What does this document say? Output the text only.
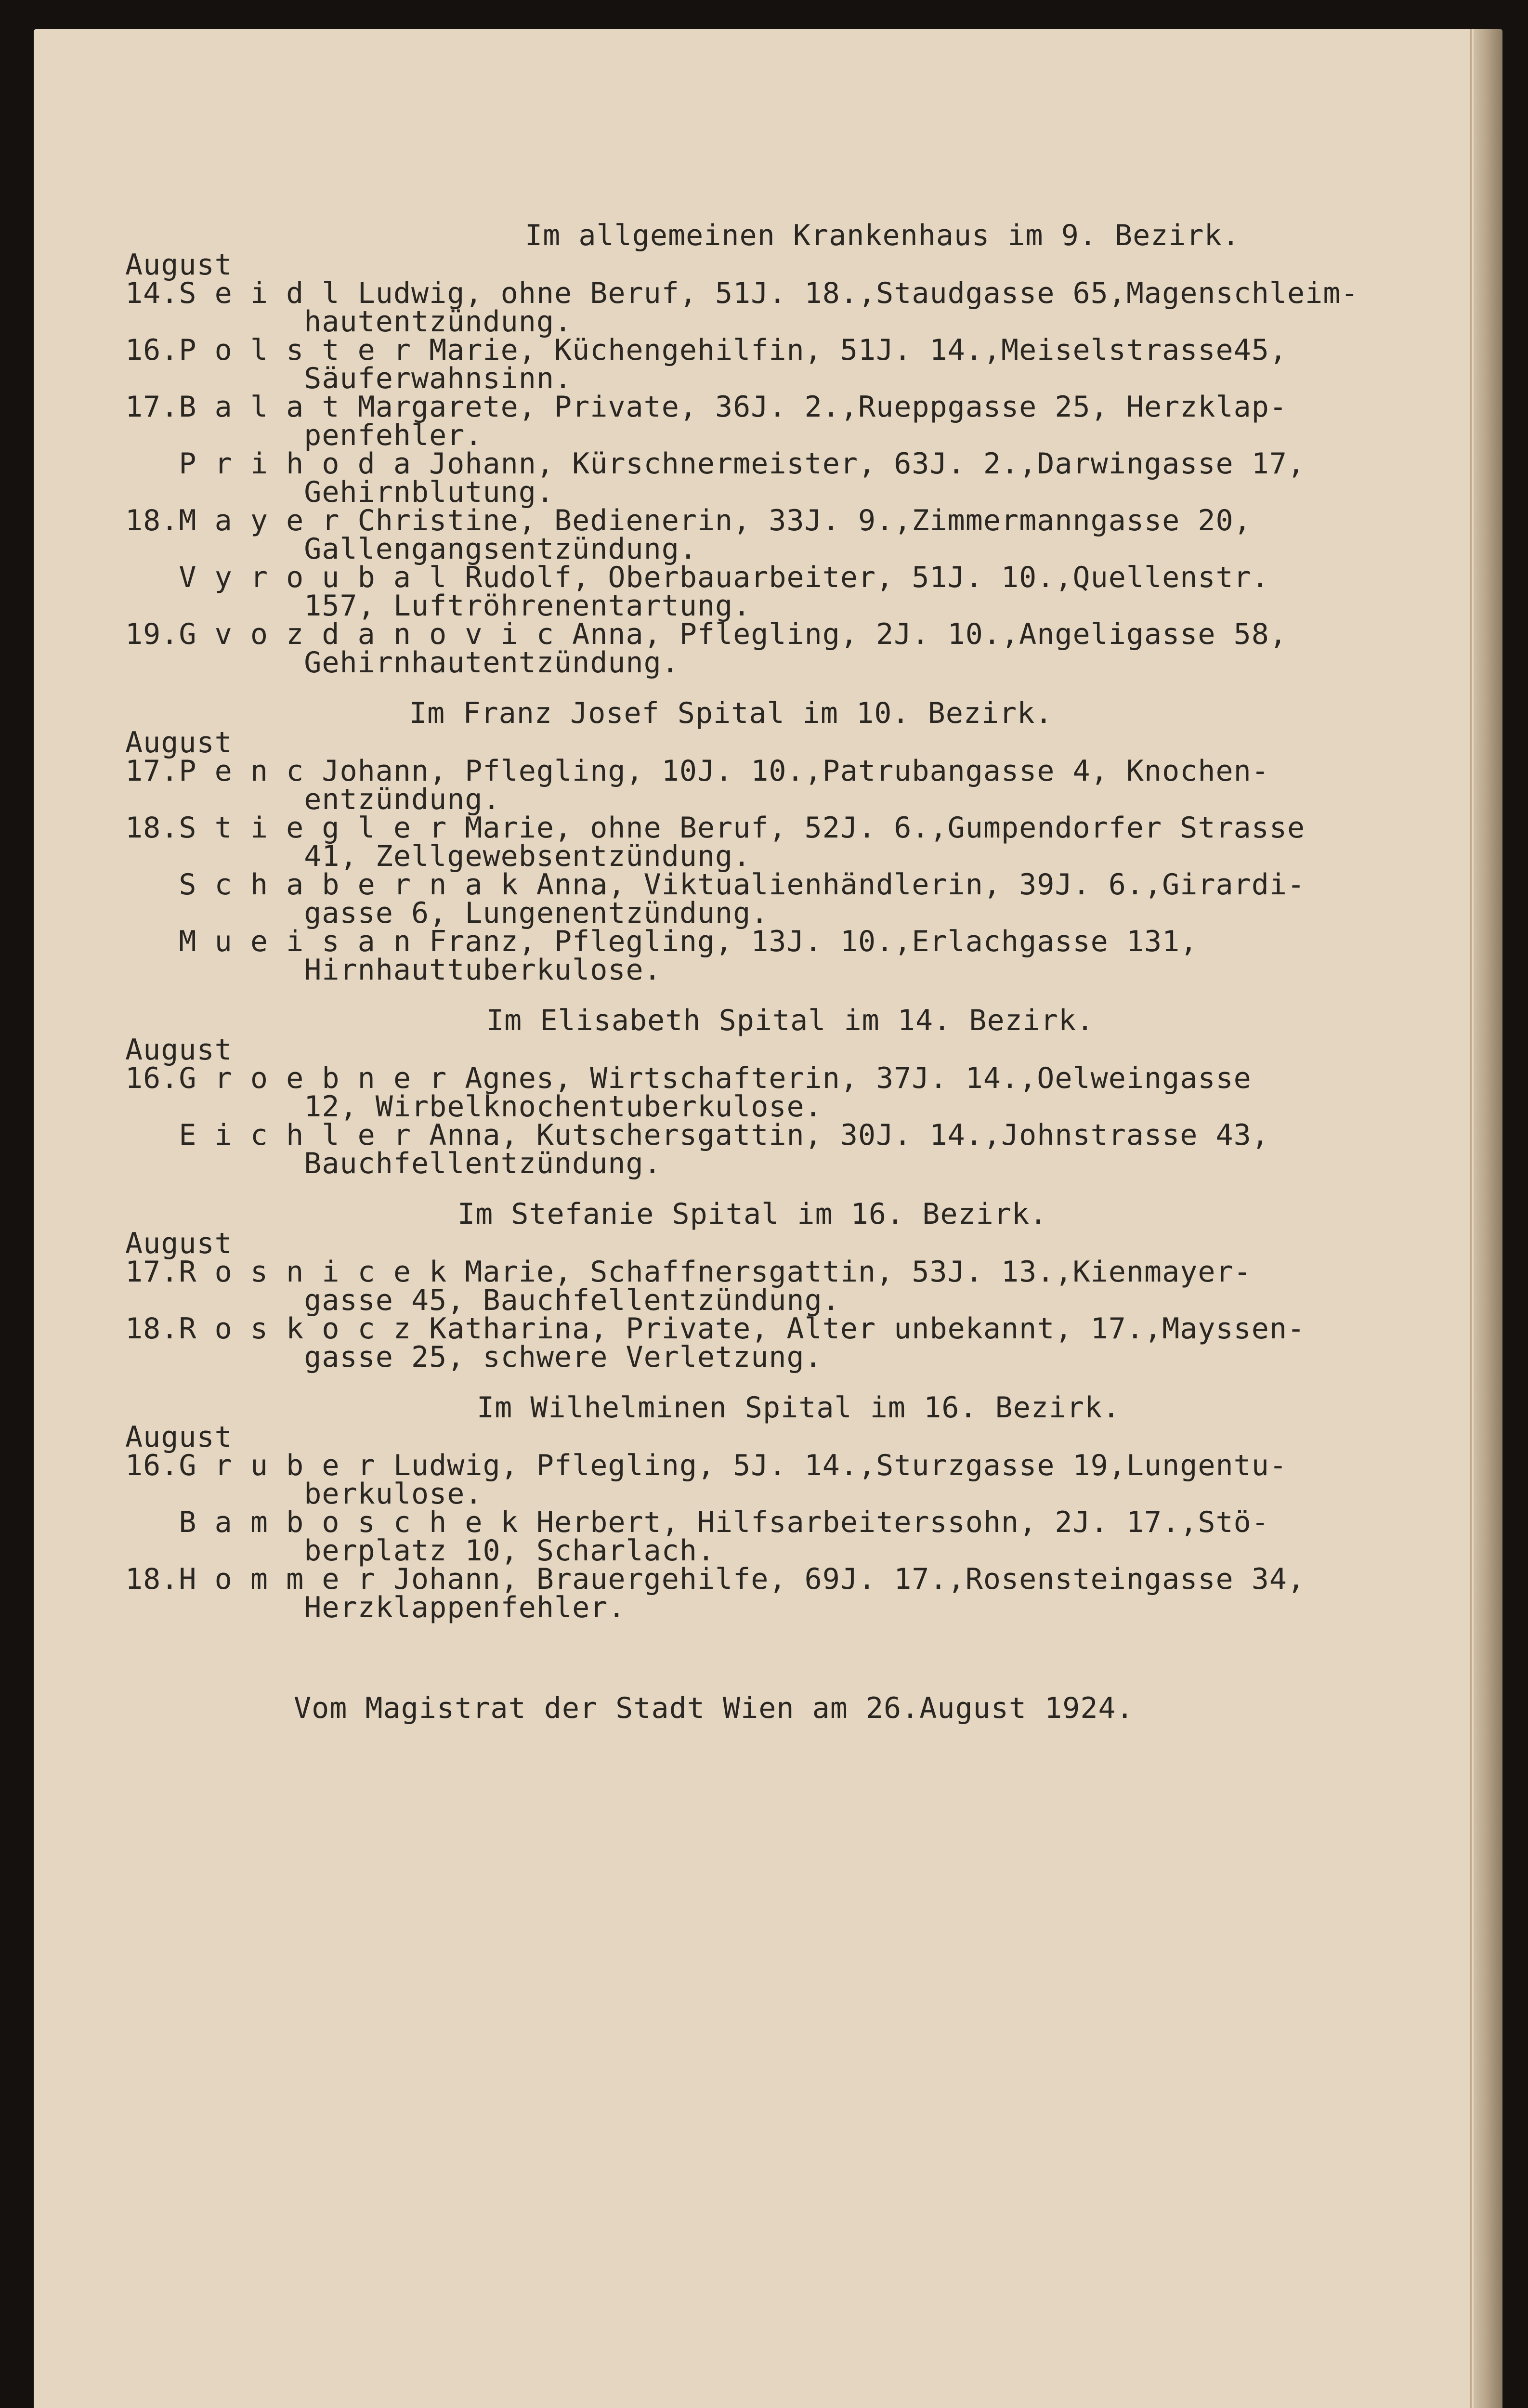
Im allgemeinen Krankenhaus im 9. Bezirk.
August
14.S e i d l Ludwig, ohne Beruf, 51J. 18.,Staudgasse 65,Magenschleim-
hautentzündung.
16.P o l s t e r Marie, Küchengehilfin, 51J. 14.,Meiselstrasse45,
Säuferwahnsinn.
17.B a l a t Margarete, Private, 36J. 2.,Rueppgasse 25, Herzklap-
penfehler.
P r i h o d a Johann, Kürschnermeister, 63J. 2.,Darwingasse 17,
Gehirnblutung.
18.M a y e r Christine, Bedienerin, 33J. 9.,Zimmermanngasse 20,
Gallengangsentzündung.
V y r o u b a l Rudolf, Oberbauarbeiter, 51J. 10.,Quellenstr.
157, Luftröhrenentartung.
19.G v o z d a n o v i c Anna, Pflegling, 2J. 10.,Angeligasse 58,
Gehirnhautentzündung.
Im Franz Josef Spital im 10. Bezirk.
August
17.P e n c Johann, Pflegling, 10J. 10.,Patrubangasse 4, Knochen-
entzündung.
18.S t i e g l e r Marie, ohne Beruf, 52J. 6.,Gumpendorfer Strasse
41, Zellgewebsentzündung.
S c h a b e r n a k Anna, Viktualienhändlerin, 39J. 6.,Girardi-
gasse 6, Lungenentzündung.
M u e i s a n Franz, Pflegling, 13J. 10.,Erlachgasse 131,
Hirnhauttuberkulose.
Im Elisabeth Spital im 14. Bezirk.
August
16.G r o e b n e r Agnes, Wirtschafterin, 37J. 14.,Oelweingasse
12, Wirbelknochentuberkulose.
E i c h l e r Anna, Kutschersgattin, 30J. 14.,Johnstrasse 43,
Bauchfellentzündung.
Im Stefanie Spital im 16. Bezirk.
August
17.R o s n i c e k Marie, Schaffnersgattin, 53J. 13.,Kienmayer-
gasse 45, Bauchfellentzündung.
18.R o s k o c z Katharina, Private, Alter unbekannt, 17.,Mayssen-
gasse 25, schwere Verletzung.
Im Wilhelminen Spital im 16. Bezirk.
August
16.G r u b e r Ludwig, Pflegling, 5J. 14.,Sturzgasse 19,Lungentu-
berkulose.
B a m b o s c h e k Herbert, Hilfsarbeiterssohn, 2J. 17.,Stö-
berplatz 10, Scharlach.
18.H o m m e r Johann, Brauergehilfe, 69J. 17.,Rosensteingasse 34,
Herzklappenfehler.
Vom Magistrat der Stadt Wien am 26.August 1924.
